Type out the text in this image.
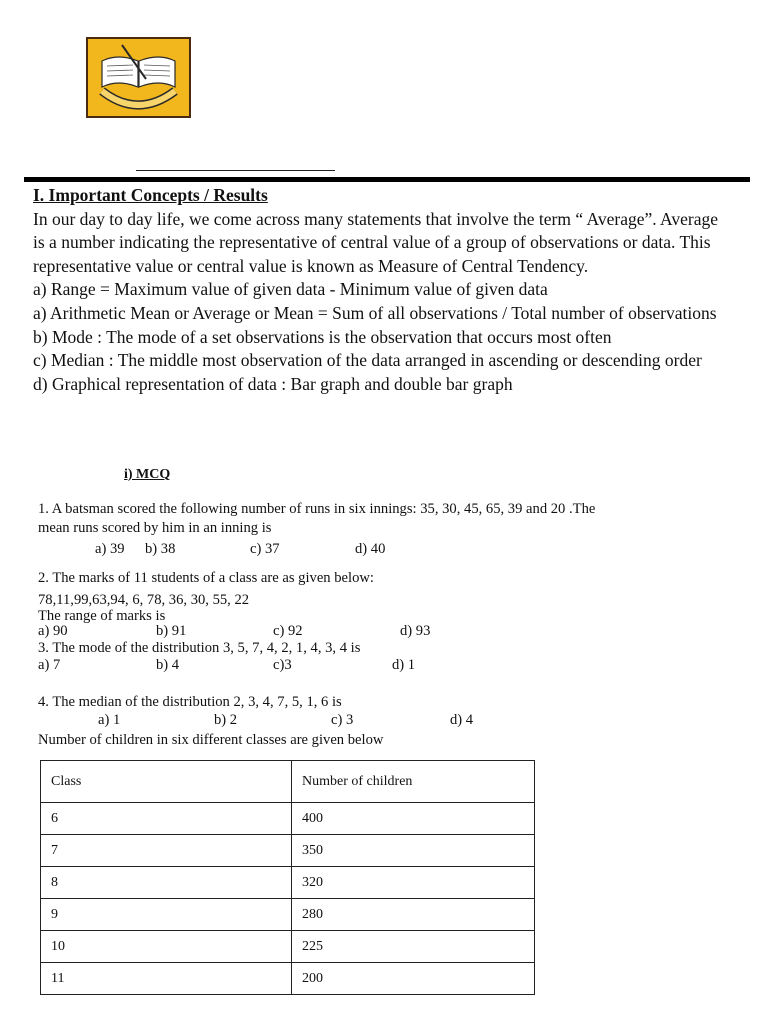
I. Important Concepts / Results

In our day to day life, we come across many statements that involve the term “ Average”. Average is a number indicating the representative of central value of a group of observations or data. This representative value or central value is known as Measure of Central Tendency.

a) Range = Maximum value of given data - Minimum value of given data

a) Arithmetic Mean or Average or Mean = Sum of all observations / Total number of observations

b) Mode : The mode of a set observations is the observation that occurs most often

c) Median : The middle most observation of the data arranged in ascending or descending order

d) Graphical representation of data : Bar graph and double bar graph

i) MCQ
1. A batsman scored the following number of runs in six innings: 35, 30, 45, 65, 39 and 20 .The
mean runs scored by him in an inning is
a) 39 b) 38	c) 37	d) 40
2. The marks of 11 students of a class are as given below:
78,11,99,63,94, 6, 78, 36, 30, 55, 22
The range of marks is
a) 90	b) 91	c) 92	d) 93
3. The mode of the distribution 3, 5, 7, 4, 2, 1, 4, 3, 4 is
a) 7	b) 4	c)3	d) 1
4. The median of the distribution 2, 3, 4, 7, 5, 1, 6 is
a) 1	b) 2	c) 3	d) 4
Number of children in six different classes are given below
Class	Number of children
6	400
7	350
8	320
9	280
10	225
11	200
